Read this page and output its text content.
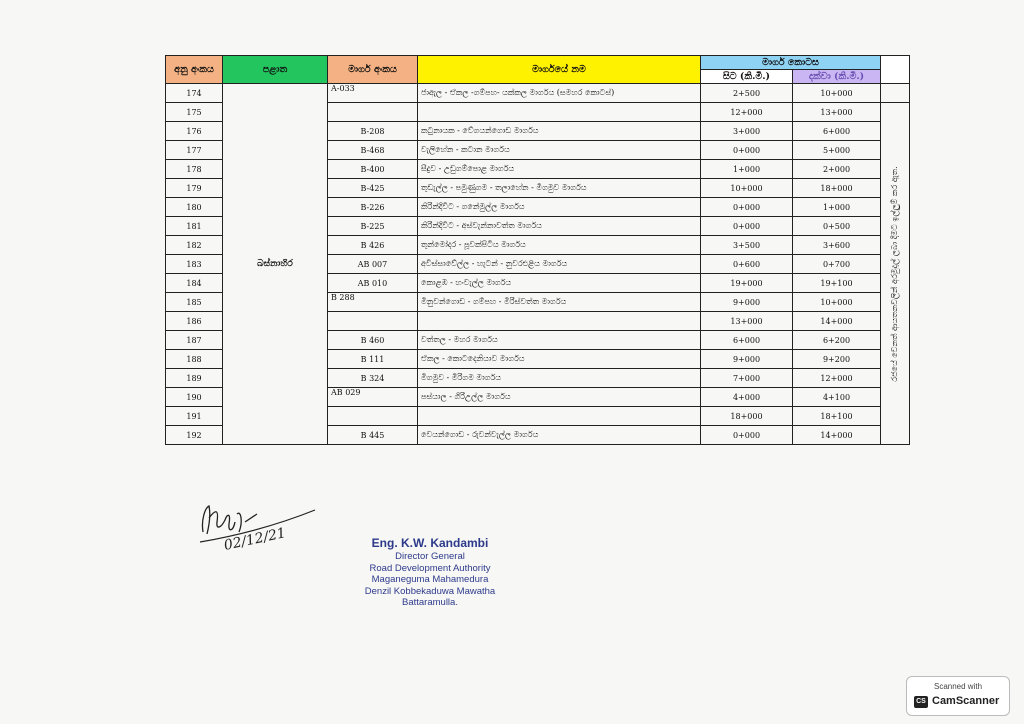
අනු අංකය	පළාත	මාර්ග අංකය	මාර්ගයේ නම	මාර්ග කොටස		
				සිට (කි.මී.)	දක්වා (කි.මී.)	
174	බස්නාහිර	A-033	ජාඇල - ඒකල -ගම්පහ- යක්කල මාර්ගය (සමහර කොටස්)	2+500	10+000	
175				12+000	13+000	රජයේ වෙනත් ආයතනවලින් අරමුදල් ලබා දීමට ඉල්ලුම් කර ඇත.

176		B-208	කටුනායක - වේගයන්ගොඩ මාර්ගය	3+000	6+000	
177		B-468	වැලිහේන - කටාන මාර්ගය	0+000	5+000	
178		B-400	සීදුව - උඩුගම්පොළ මාර්ගය	1+000	2+000	
179		B-425	තුඩැල්ල - පමුණුගම - තලාහේන - මීගමුව මාර්ගය	10+000	18+000	
180		B-226	කිරින්දිවිට - ගනේමුල්ල මාර්ගය	0+000	1+000	
181		B-225	කිරින්දිවිට - අස්වැන්නාවත්ත මාර්ගය	0+000	0+500	
182		B 426	තුන්මෝදර - පූවක්පිටිය මාර්ගය	3+500	3+600	
183		AB 007	අවිස්සාවේල්ල - හැටන් - නුවරඑළිය මාර්ගය	0+600	0+700	
184		AB 010	කොළඹ - හංවැල්ල මාර්ගය	19+000	19+100	
185		B 288	මිනුවන්ගොඩ - ගම්පහ - මිරිස්වත්ත මාර්ගය	9+000	10+000	
186				13+000	14+000	
187		B 460	වත්තල - මහර මාර්ගය	6+000	6+200	
188		B 111	ඒකල - කොටදෙනියාව මාර්ගය	9+000	9+200	
189		B 324	මිගමුව - මීරිගම මාර්ගය	7+000	12+000	
190		AB 029	පස්යාල - ගිරිඋල්ල මාර්ගය	4+000	4+100	
191				18+000	18+100	
192		B 445	වෙයන්ගොඩ - රුවන්වැල්ල මාර්ගය	0+000	14+000	
02/12/21	Eng. K.W. Kandambi
Director General
Road Development Authority
Maganeguma Mahamedura
Denzil Kobbekaduwa Mawatha
Battaramulla.
Scanned with
CS CamScanner
